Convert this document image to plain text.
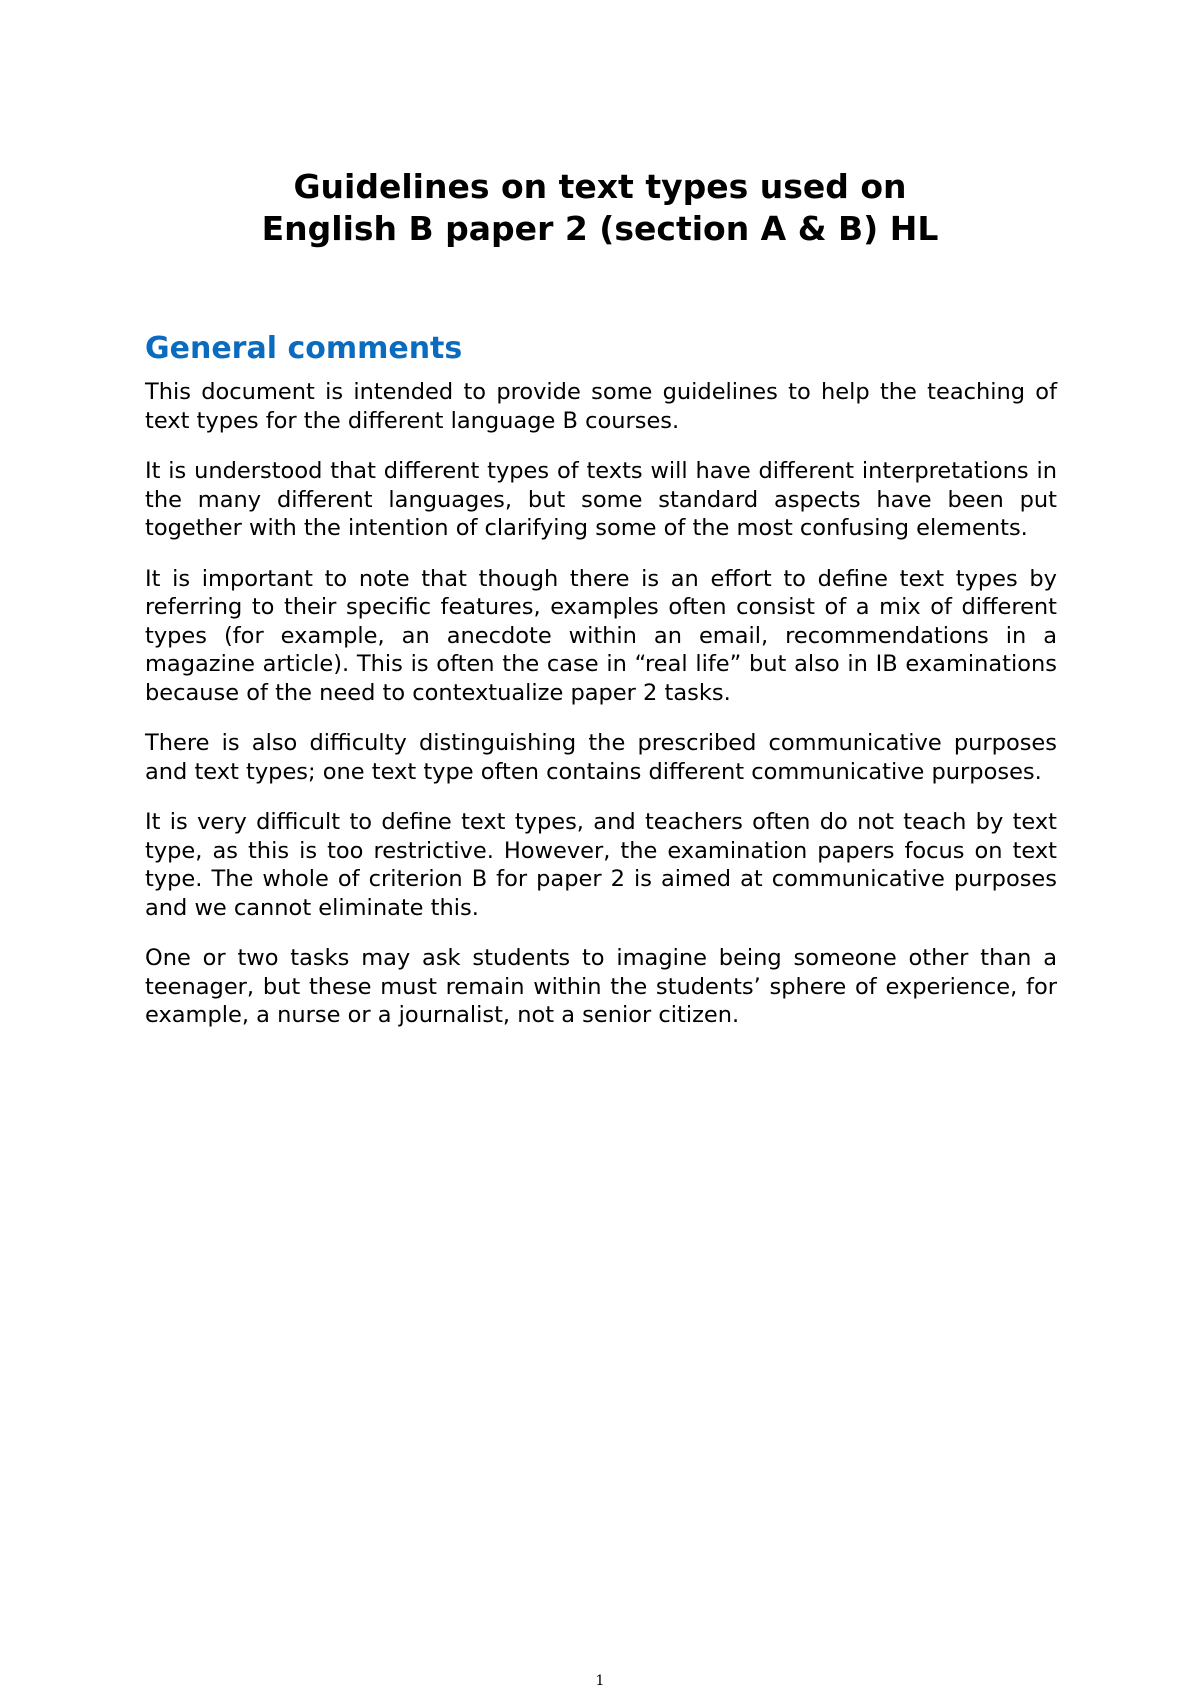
Guidelines on text types used on
English B paper 2 (section A & B) HL
General comments

This document is intended to provide some guidelines to help the teaching of text types for the different language B courses.

It is understood that different types of texts will have different interpretations in the many different languages, but some standard aspects have been put together with the intention of clarifying some of the most confusing elements.

It is important to note that though there is an effort to define text types by referring to their specific features, examples often consist of a mix of different types (for example, an anecdote within an email, recommendations in a magazine article). This is often the case in “real life” but also in IB examinations because of the need to contextualize paper 2 tasks.

There is also difficulty distinguishing the prescribed communicative purposes and text types; one text type often contains different communicative purposes.

It is very difficult to define text types, and teachers often do not teach by text type, as this is too restrictive. However, the examination papers focus on text type. The whole of criterion B for paper 2 is aimed at communicative purposes and we cannot eliminate this.

One or two tasks may ask students to imagine being someone other than a teenager, but these must remain within the students’ sphere of experience, for example, a nurse or a journalist, not a senior citizen.

1
